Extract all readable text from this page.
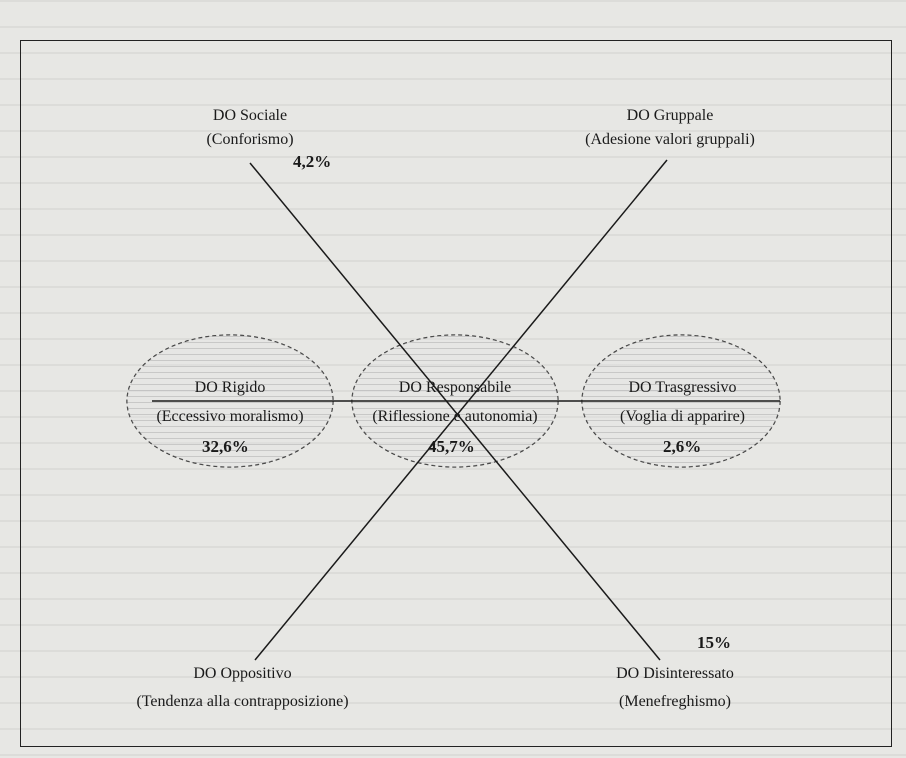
DO Sociale
(Conforismo)
4,2%
DO Gruppale
(Adesione valori gruppali)
DO Rigido
(Eccessivo moralismo)
32,6%
DO Responsabile
(Riflessione e autonomia)
45,7%
DO Trasgressivo
(Voglia di apparire)
2,6%
DO Oppositivo
(Tendenza alla contrapposizione)
15%
DO Disinteressato
(Menefreghismo)
